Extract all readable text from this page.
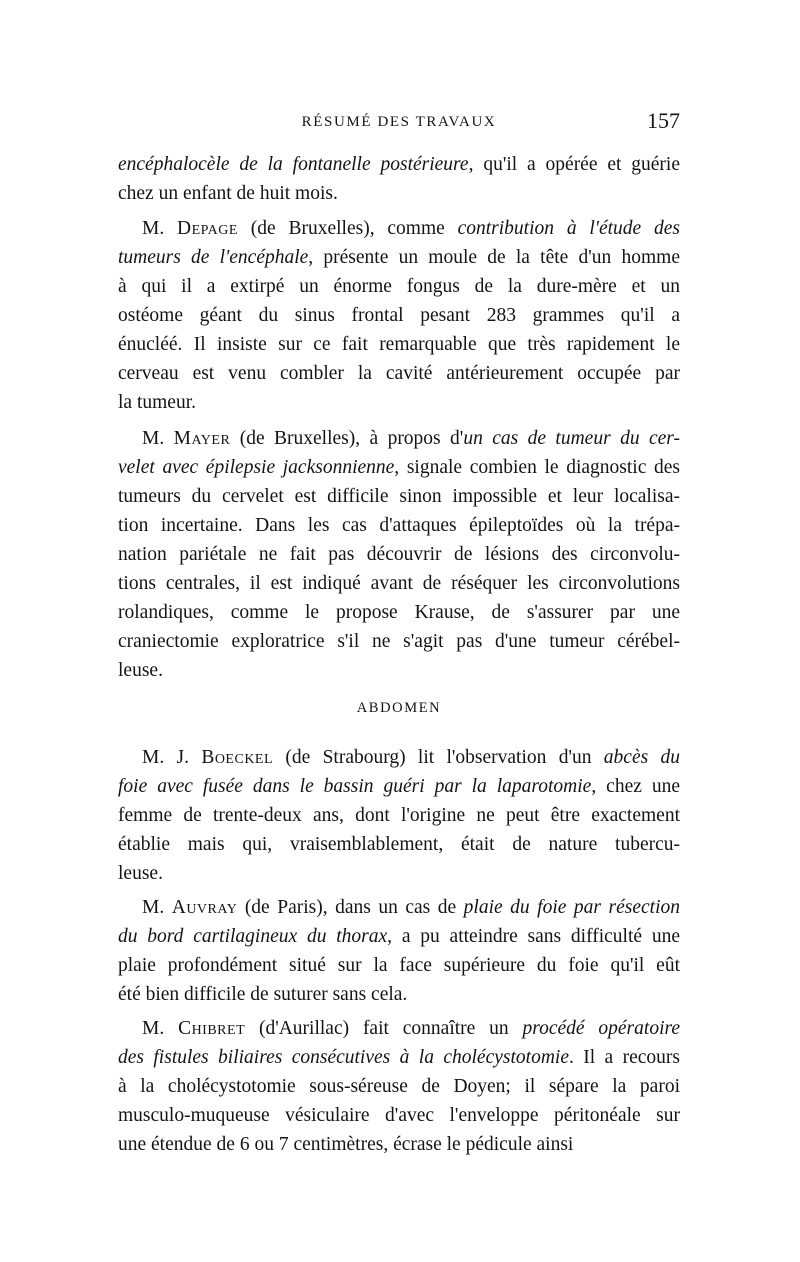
RÉSUMÉ DES TRAVAUX	157
encéphalocèle de la fontanelle postérieure, qu'il a opérée et guérie
chez un enfant de huit mois.
M. Depage (de Bruxelles), comme contribution à l'étude des
tumeurs de l'encéphale, présente un moule de la tête d'un homme
à qui il a extirpé un énorme fongus de la dure-mère et un
ostéome géant du sinus frontal pesant 283 grammes qu'il a
énucléé. Il insiste sur ce fait remarquable que très rapidement le
cerveau est venu combler la cavité antérieurement occupée par
la tumeur.
M. Mayer (de Bruxelles), à propos d'un cas de tumeur du cer-
velet avec épilepsie jacksonnienne, signale combien le diagnostic des
tumeurs du cervelet est difficile sinon impossible et leur localisa-
tion incertaine. Dans les cas d'attaques épileptoïdes où la trépa-
nation pariétale ne fait pas découvrir de lésions des circonvolu-
tions centrales, il est indiqué avant de réséquer les circonvolutions
rolandiques, comme le propose Krause, de s'assurer par une
craniectomie exploratrice s'il ne s'agit pas d'une tumeur cérébel-
leuse.
M. J. Boeckel (de Strabourg) lit l'observation d'un abcès du
foie avec fusée dans le bassin guéri par la laparotomie, chez une
femme de trente-deux ans, dont l'origine ne peut être exactement
établie mais qui, vraisemblablement, était de nature tubercu-
leuse.
M. Auvray (de Paris), dans un cas de plaie du foie par résection
du bord cartilagineux du thorax, a pu atteindre sans difficulté une
plaie profondément situé sur la face supérieure du foie qu'il eût
été bien difficile de suturer sans cela.
M. Chibret (d'Aurillac) fait connaître un procédé opératoire
des fistules biliaires consécutives à la cholécystotomie. Il a recours
à la cholécystotomie sous-séreuse de Doyen; il sépare la paroi
musculo-muqueuse vésiculaire d'avec l'enveloppe péritonéale sur
une étendue de 6 ou 7 centimètres, écrase le pédicule ainsi
ABDOMEN
